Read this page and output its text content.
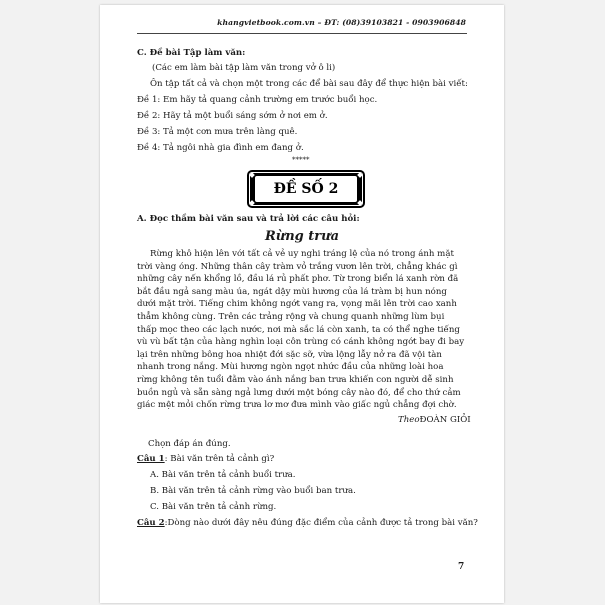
khangvietbook.com.vn – ĐT: (08)39103821 - 0903906848
C. Đề bài Tập làm văn:
(Các em làm bài tập làm văn trong vở ô li)
Ôn tập tất cả và chọn một trong các để bài sau đây để thực hiện bài viết:
Đề 1: Em hãy tả quang cảnh trường em trước buổi học.
Đề 2: Hãy tả một buổi sáng sớm ở nơi em ở.
Đề 3: Tả một cơn mưa trên làng quê.
Đề 4: Tả ngôi nhà gia đình em đang ở.
*****
ĐỀ SỐ 2
A. Đọc thầm bài văn sau và trả lời các câu hỏi:
Rừng trưa
Rừng khô hiện lên với tất cả vẻ uy nghi tráng lệ của nó trong ánh mặt
trời vàng óng. Những thân cây tràm vỏ trắng vươn lên trời, chẳng khác gì
những cây nến khổng lồ, đầu lá rủ phất phơ. Từ trong biển lá xanh rờn đã
bắt đầu ngả sang màu úa, ngát dậy mùi hương của lá tràm bị hun nóng
dưới mặt trời. Tiếng chim không ngớt vang ra, vọng mãi lên trời cao xanh
thẳm không cùng. Trên các trảng rộng và chung quanh những lùm bụi
thấp mọc theo các lạch nước, nơi mà sắc lá còn xanh, ta có thể nghe tiếng
vù vù bất tận của hàng nghìn loại côn trùng có cánh không ngớt bay đi bay
lại trên những bông hoa nhiệt đới sặc sỡ, vừa lộng lẫy nở ra đã vội tàn
nhanh trong nắng. Mùi hương ngòn ngọt nhức đầu của những loài hoa
rừng không tên tuổi đằm vào ánh nắng ban trưa khiến con người dễ sinh
buồn ngủ và sẵn sàng ngả lưng dưới một bóng cây nào đó, để cho thứ cảm
giác mệt mỏi chốn rừng trưa lơ mơ đưa mình vào giấc ngủ chẳng đợi chờ.
TheoĐOÀN GIỎI
Chọn đáp án đúng.
Câu 1: Bài văn trên tả cảnh gì?
A. Bài văn trên tả cảnh buổi trưa.
B. Bài văn trên tả cảnh rừng vào buổi ban trưa.
C. Bài văn trên tả cảnh rừng.
Câu 2:Dòng nào dưới đây nêu đúng đặc điểm của cảnh được tả trong bài văn?
7
